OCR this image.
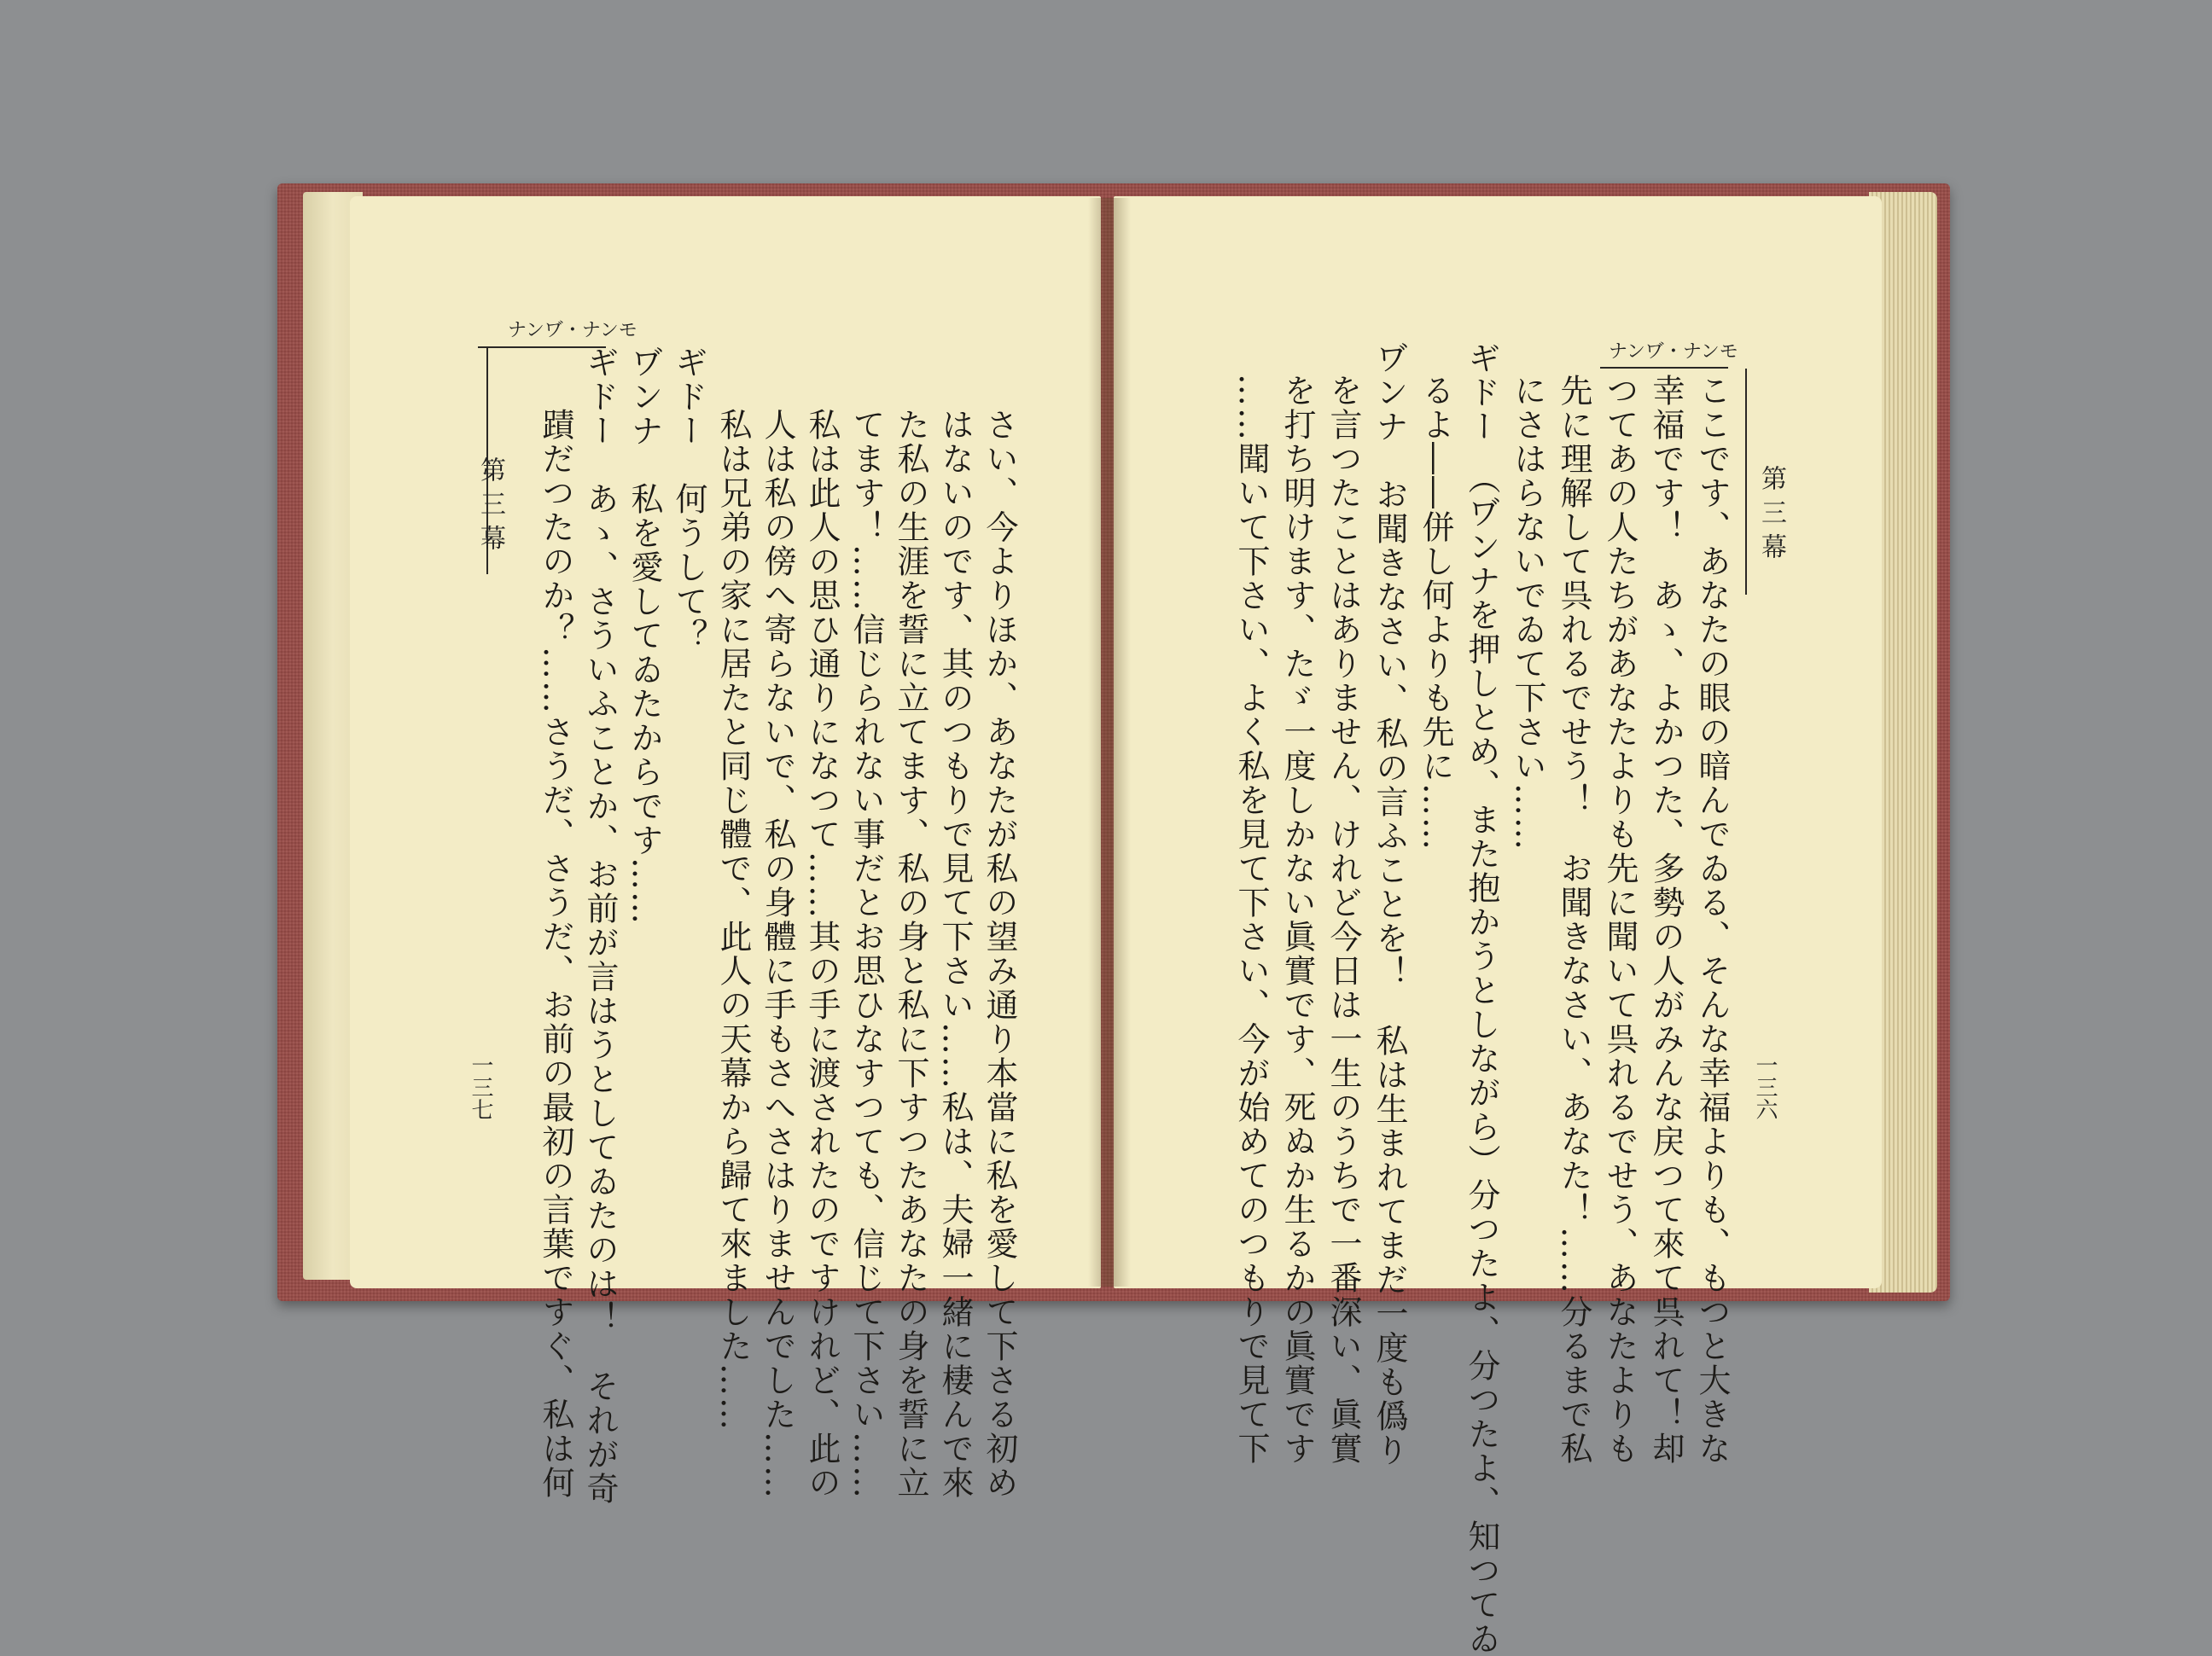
ナンヷ・ナンモ
第三幕
一三七	さい、今よりほか、あなたが私の望み通り本當に私を愛して下さる初め
はないのです、其のつもりで見て下さい……私は、夫婦一緒に棲んで來
た私の生涯を誓に立てます、私の身と私に下すつたあなたの身を誓に立
てます！……信じられない事だとお思ひなすつても、信じて下さい……
私は此人の思ひ通りになつて……其の手に渡されたのですけれど、此の
人は私の傍へ寄らないで、私の身體に手もさへさはりませんでした……
私は兄弟の家に居たと同じ體で、此人の天幕から歸て來ました……
ギドー　何うして？
ヷンナ　私を愛してゐたからです……
ギドー　あゝ、さういふことか、お前が言はうとしてゐたのは！　それが奇
蹟だつたのか？……さうだ、さうだ、お前の最初の言葉ですぐ、私は何
ナンヷ・ナンモ
第三幕
一三六
ここです、あなたの眼の暗んでゐる、そんな幸福よりも、もつと大きな
幸福です！　あゝ、よかつた、多勢の人がみんな戻つて來て呉れて！却
つてあの人たちがあなたよりも先に聞いて呉れるでせう、あなたよりも
先に理解して呉れるでせう！　お聞きなさい、あなた！……分るまで私
にさはらないでゐて下さい……
ギドー　（ヷンナを押しとめ、また抱かうとしながら）分つたよ、分つたよ、知つてゐ
るよ――併し何よりも先に……
ヷンナ　お聞きなさい、私の言ふことを！　私は生まれてまだ一度も僞り
を言つたことはありません、けれど今日は一生のうちで一番深い、眞實
を打ち明けます、たゞ一度しかない眞實です、死ぬか生るかの眞實です
……聞いて下さい、よく私を見て下さい、今が始めてのつもりで見て下
